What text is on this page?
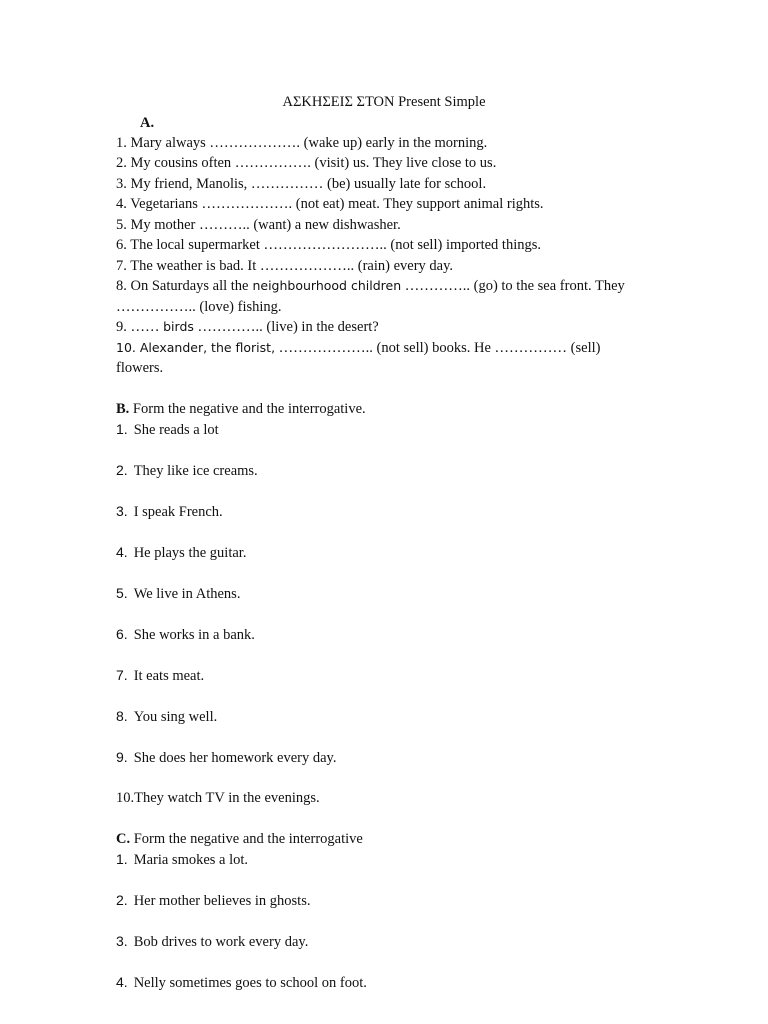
ΑΣΚΗΣΕΙΣ ΣΤΟΝ Present Simple
A.
1. Mary always ………………. (wake up) early in the morning.
2. My cousins often ……………. (visit) us. They live close to us.
3. My friend, Manolis, …………… (be) usually late for school.
4. Vegetarians ………………. (not eat) meat. They support animal rights.
5. My mother ……….. (want) a new dishwasher.
6. The local supermarket …………………….. (not sell) imported things.
7. The weather is bad. It ……………….. (rain) every day.
8. On Saturdays all the neighbourhood children ………….. (go) to the sea front. They
…………….. (love) fishing.
9. …… birds ………….. (live) in the desert?
10. Alexander, the florist, ……………….. (not sell) books. He …………… (sell)
flowers.
B. Form the negative and the interrogative.
1. She reads a lot
2. They like ice creams.
3. I speak French.
4. He plays the guitar.
5. We live in Athens.
6. She works in a bank.
7. It eats meat.
8. You sing well.
9. She does her homework every day.
10.They watch TV in the evenings.
C. Form the negative and the interrogative
1. Maria smokes a lot.
2. Her mother believes in ghosts.
3. Bob drives to work every day.
4. Nelly sometimes goes to school on foot.
